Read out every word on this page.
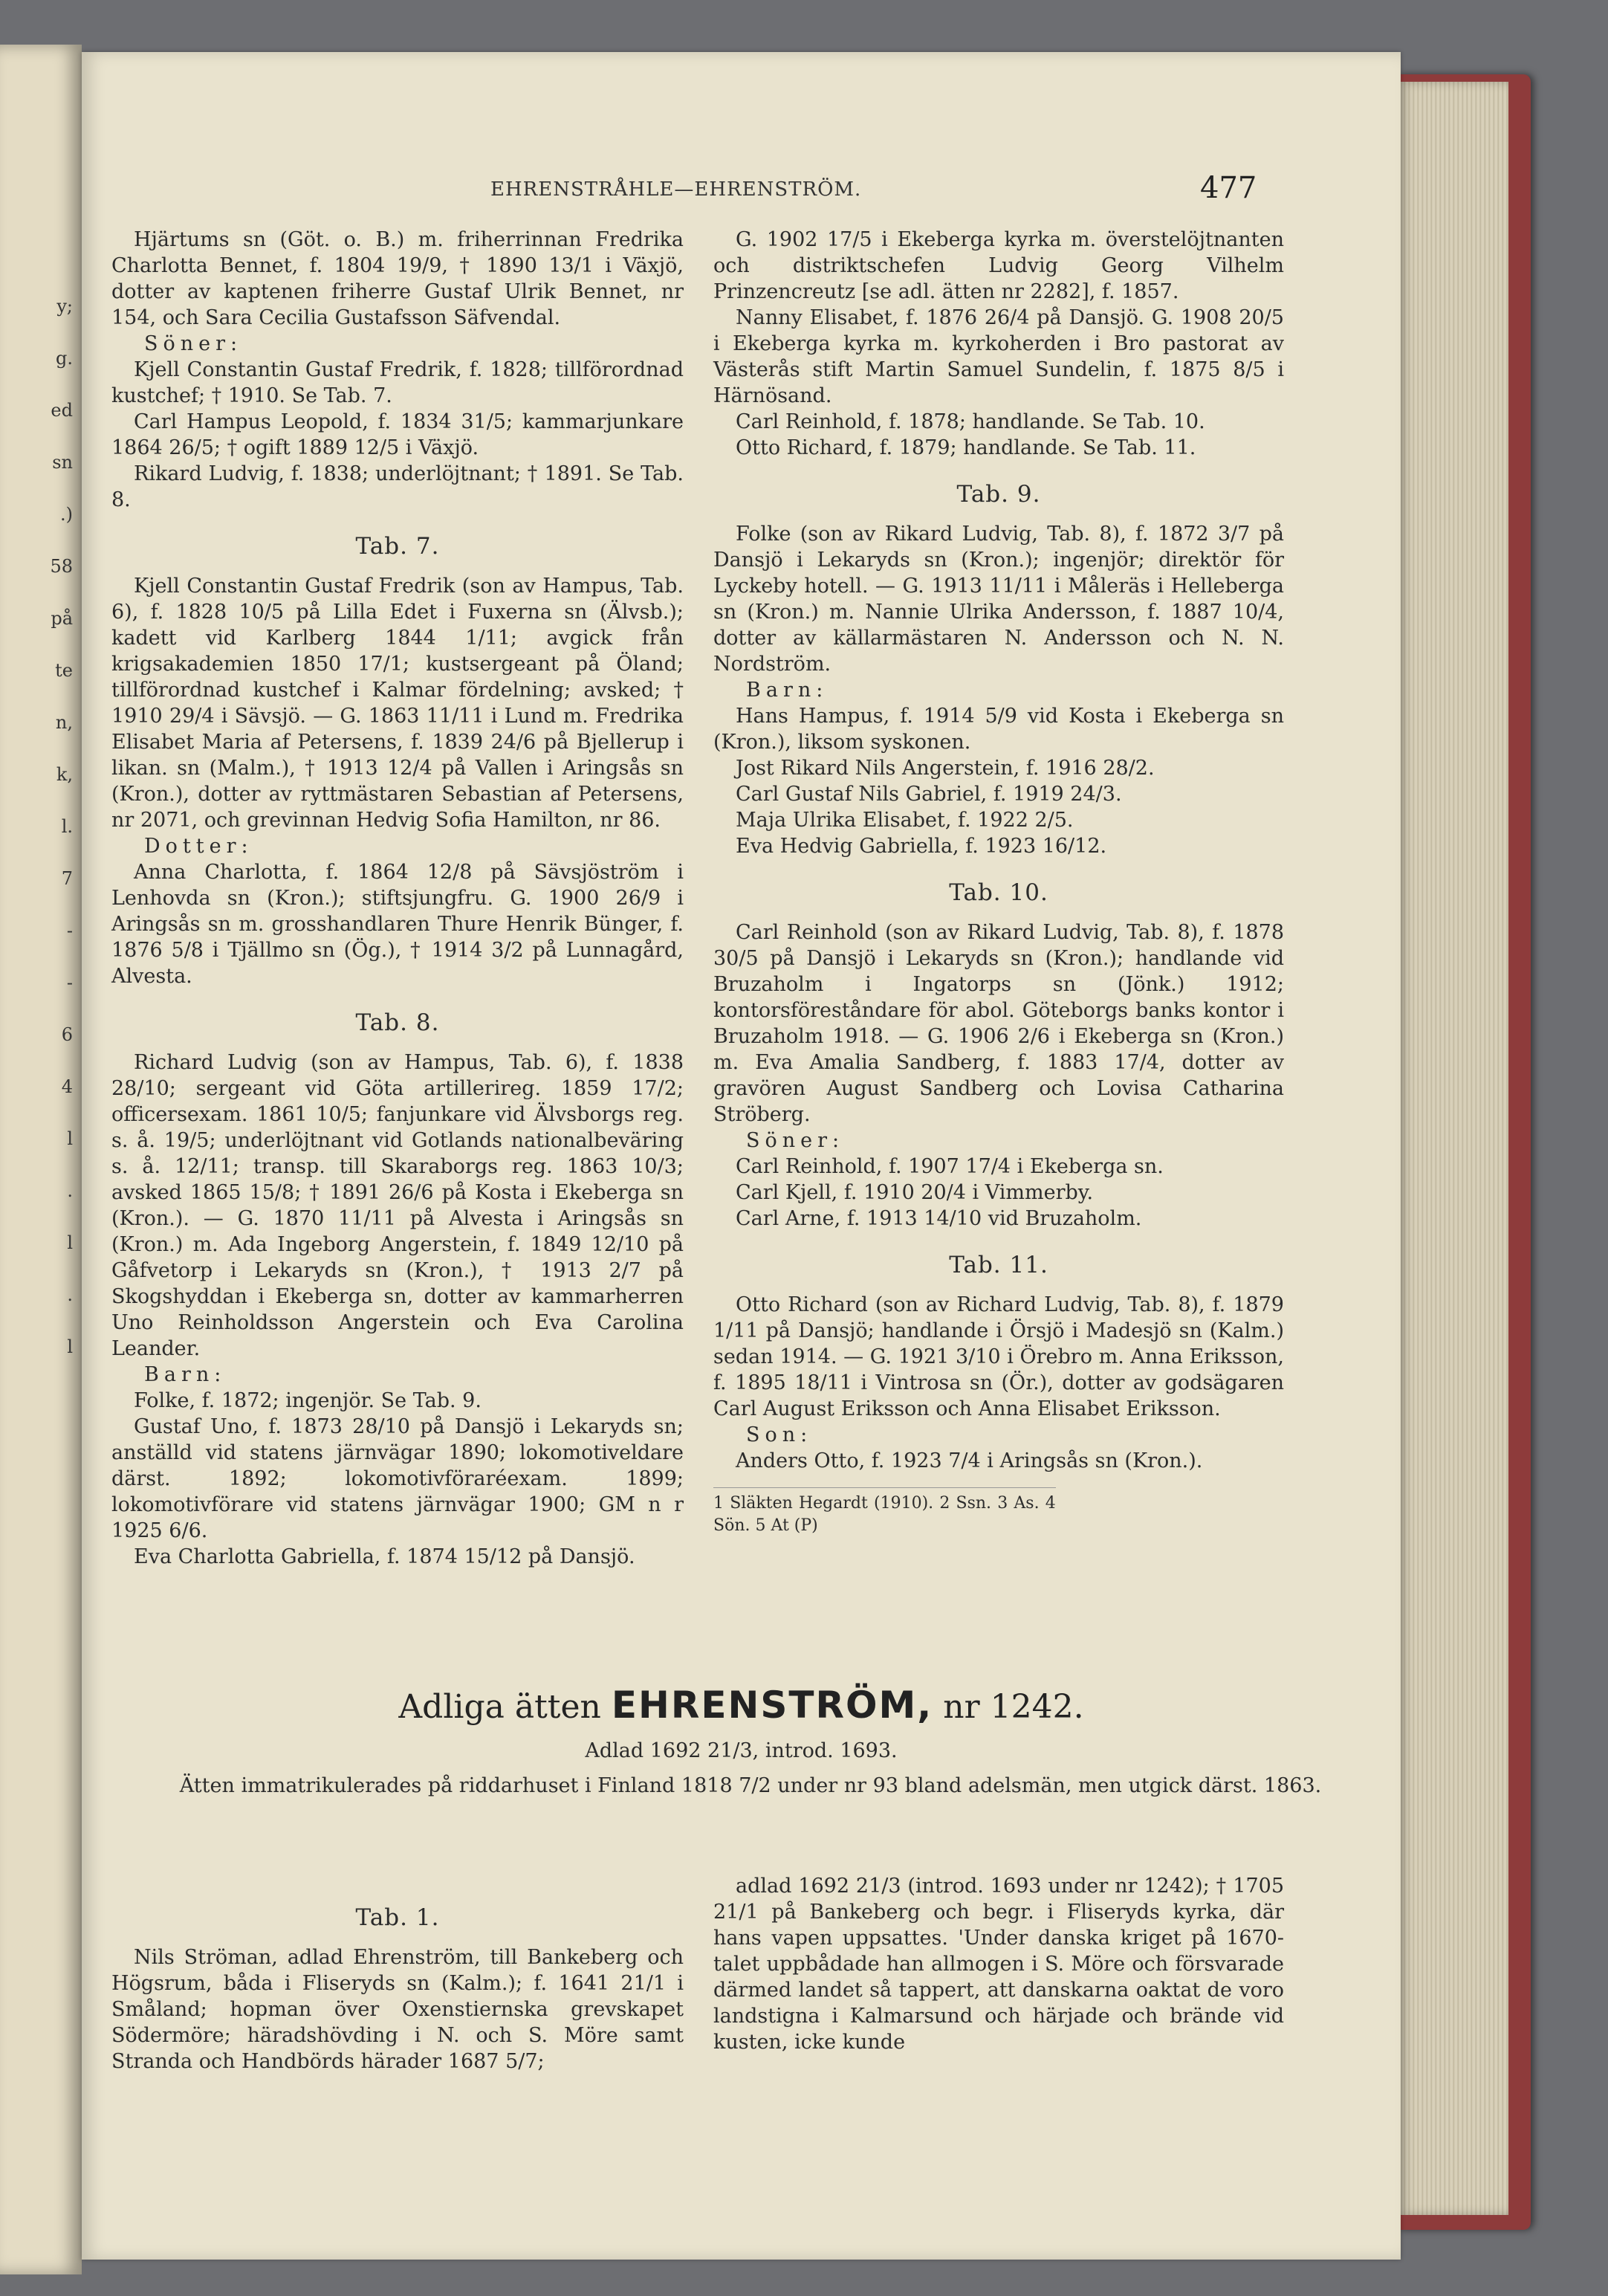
y;
g.
ed
sn
.)
58
på
te
n,
k,
l.
7
-
-
6
4
l
.
l
.
l
EHRENSTRÅHLE—EHRENSTRÖM.	477

Hjärtums sn (Göt. o. B.) m. friherrinnan Fredrika Charlotta Bennet, f. 1804 19/9, † 1890 13/1 i Växjö, dotter av kaptenen friherre Gustaf Ulrik Bennet, nr 154, och Sara Cecilia Gustafsson Säfvendal.

Söner:

Kjell Constantin Gustaf Fredrik, f. 1828; tillförordnad kustchef; † 1910. Se Tab. 7.

Carl Hampus Leopold, f. 1834 31/5; kammarjunkare 1864 26/5; † ogift 1889 12/5 i Växjö.

Rikard Ludvig, f. 1838; underlöjtnant; † 1891. Se Tab. 8.

Tab. 7.

Kjell Constantin Gustaf Fredrik (son av Hampus, Tab. 6), f. 1828 10/5 på Lilla Edet i Fuxerna sn (Älvsb.); kadett vid Karlberg 1844 1/11; avgick från krigsakademien 1850 17/1; kustsergeant på Öland; tillförordnad kustchef i Kalmar fördelning; avsked; † 1910 29/4 i Sävsjö. — G. 1863 11/11 i Lund m. Fredrika Elisabet Maria af Petersens, f. 1839 24/6 på Bjellerup i likan. sn (Malm.), † 1913 12/4 på Vallen i Aringsås sn (Kron.), dotter av ryttmästaren Sebastian af Petersens, nr 2071, och grevinnan Hedvig Sofia Hamilton, nr 86.

Dotter:

Anna Charlotta, f. 1864 12/8 på Sävsjöström i Lenhovda sn (Kron.); stiftsjungfru. G. 1900 26/9 i Aringsås sn m. grosshandlaren Thure Henrik Bünger, f. 1876 5/8 i Tjällmo sn (Ög.), † 1914 3/2 på Lunnagård, Alvesta.

Tab. 8.

Richard Ludvig (son av Hampus, Tab. 6), f. 1838 28/10; sergeant vid Göta artillerireg. 1859 17/2; officersexam. 1861 10/5; fanjunkare vid Älvsborgs reg. s. å. 19/5; underlöjtnant vid Gotlands nationalbeväring s. å. 12/11; transp. till Skaraborgs reg. 1863 10/3; avsked 1865 15/8; † 1891 26/6 på Kosta i Ekeberga sn (Kron.). — G. 1870 11/11 på Alvesta i Aringsås sn (Kron.) m. Ada Ingeborg Angerstein, f. 1849 12/10 på Gåfvetorp i Lekaryds sn (Kron.), † 1913 2/7 på Skogshyddan i Ekeberga sn, dotter av kammarherren Uno Reinholdsson Angerstein och Eva Carolina Leander.

Barn:

Folke, f. 1872; ingenjör. Se Tab. 9.

Gustaf Uno, f. 1873 28/10 på Dansjö i Lekaryds sn; anställd vid statens järnvägar 1890; lokomotiveldare därst. 1892; lokomotivföraréexam. 1899; lokomotivförare vid statens järnvägar 1900; GM n r 1925 6/6.

Eva Charlotta Gabriella, f. 1874 15/12 på Dansjö.

G. 1902 17/5 i Ekeberga kyrka m. överstelöjtnanten och distriktschefen Ludvig Georg Vilhelm Prinzencreutz [se adl. ätten nr 2282], f. 1857.

Nanny Elisabet, f. 1876 26/4 på Dansjö. G. 1908 20/5 i Ekeberga kyrka m. kyrkoherden i Bro pastorat av Västerås stift Martin Samuel Sundelin, f. 1875 8/5 i Härnösand.

Carl Reinhold, f. 1878; handlande. Se Tab. 10.

Otto Richard, f. 1879; handlande. Se Tab. 11.

Tab. 9.

Folke (son av Rikard Ludvig, Tab. 8), f. 1872 3/7 på Dansjö i Lekaryds sn (Kron.); ingenjör; direktör för Lyckeby hotell. — G. 1913 11/11 i Måleräs i Helleberga sn (Kron.) m. Nannie Ulrika Andersson, f. 1887 10/4, dotter av källarmästaren N. Andersson och N. N. Nordström.

Barn:

Hans Hampus, f. 1914 5/9 vid Kosta i Ekeberga sn (Kron.), liksom syskonen.

Jost Rikard Nils Angerstein, f. 1916 28/2.

Carl Gustaf Nils Gabriel, f. 1919 24/3.

Maja Ulrika Elisabet, f. 1922 2/5.

Eva Hedvig Gabriella, f. 1923 16/12.

Tab. 10.

Carl Reinhold (son av Rikard Ludvig, Tab. 8), f. 1878 30/5 på Dansjö i Lekaryds sn (Kron.); handlande vid Bruzaholm i Ingatorps sn (Jönk.) 1912; kontorsföreståndare för abol. Göteborgs banks kontor i Bruzaholm 1918. — G. 1906 2/6 i Ekeberga sn (Kron.) m. Eva Amalia Sandberg, f. 1883 17/4, dotter av gravören August Sandberg och Lovisa Catharina Ströberg.

Söner:

Carl Reinhold, f. 1907 17/4 i Ekeberga sn.

Carl Kjell, f. 1910 20/4 i Vimmerby.

Carl Arne, f. 1913 14/10 vid Bruzaholm.

Tab. 11.

Otto Richard (son av Richard Ludvig, Tab. 8), f. 1879 1/11 på Dansjö; handlande i Örsjö i Madesjö sn (Kalm.) sedan 1914. — G. 1921 3/10 i Örebro m. Anna Eriksson, f. 1895 18/11 i Vintrosa sn (Ör.), dotter av godsägaren Carl August Eriksson och Anna Elisabet Eriksson.

Son:

Anders Otto, f. 1923 7/4 i Aringsås sn (Kron.).

1 Släkten Hegardt (1910). 2 Ssn. 3 As. 4 Sön. 5 At (P)

Adliga ätten EHRENSTRÖM, nr 1242.
Adlad 1692 21/3, introd. 1693.
Ätten immatrikulerades på riddarhuset i Finland 1818 7/2 under nr 93 bland adelsmän, men utgick därst. 1863.

Tab. 1.

Nils Ströman, adlad Ehrenström, till Bankeberg och Högsrum, båda i Fliseryds sn (Kalm.); f. 1641 21/1 i Småland; hopman över Oxenstiernska grevskapet Södermöre; häradshövding i N. och S. Möre samt Stranda och Handbörds härader 1687 5/7;

adlad 1692 21/3 (introd. 1693 under nr 1242); † 1705 21/1 på Bankeberg och begr. i Fliseryds kyrka, där hans vapen uppsattes. 'Under danska kriget på 1670-talet uppbådade han allmogen i S. Möre och försvarade därmed landet så tappert, att danskarna oaktat de voro landstigna i Kalmarsund och härjade och brände vid kusten, icke kunde
